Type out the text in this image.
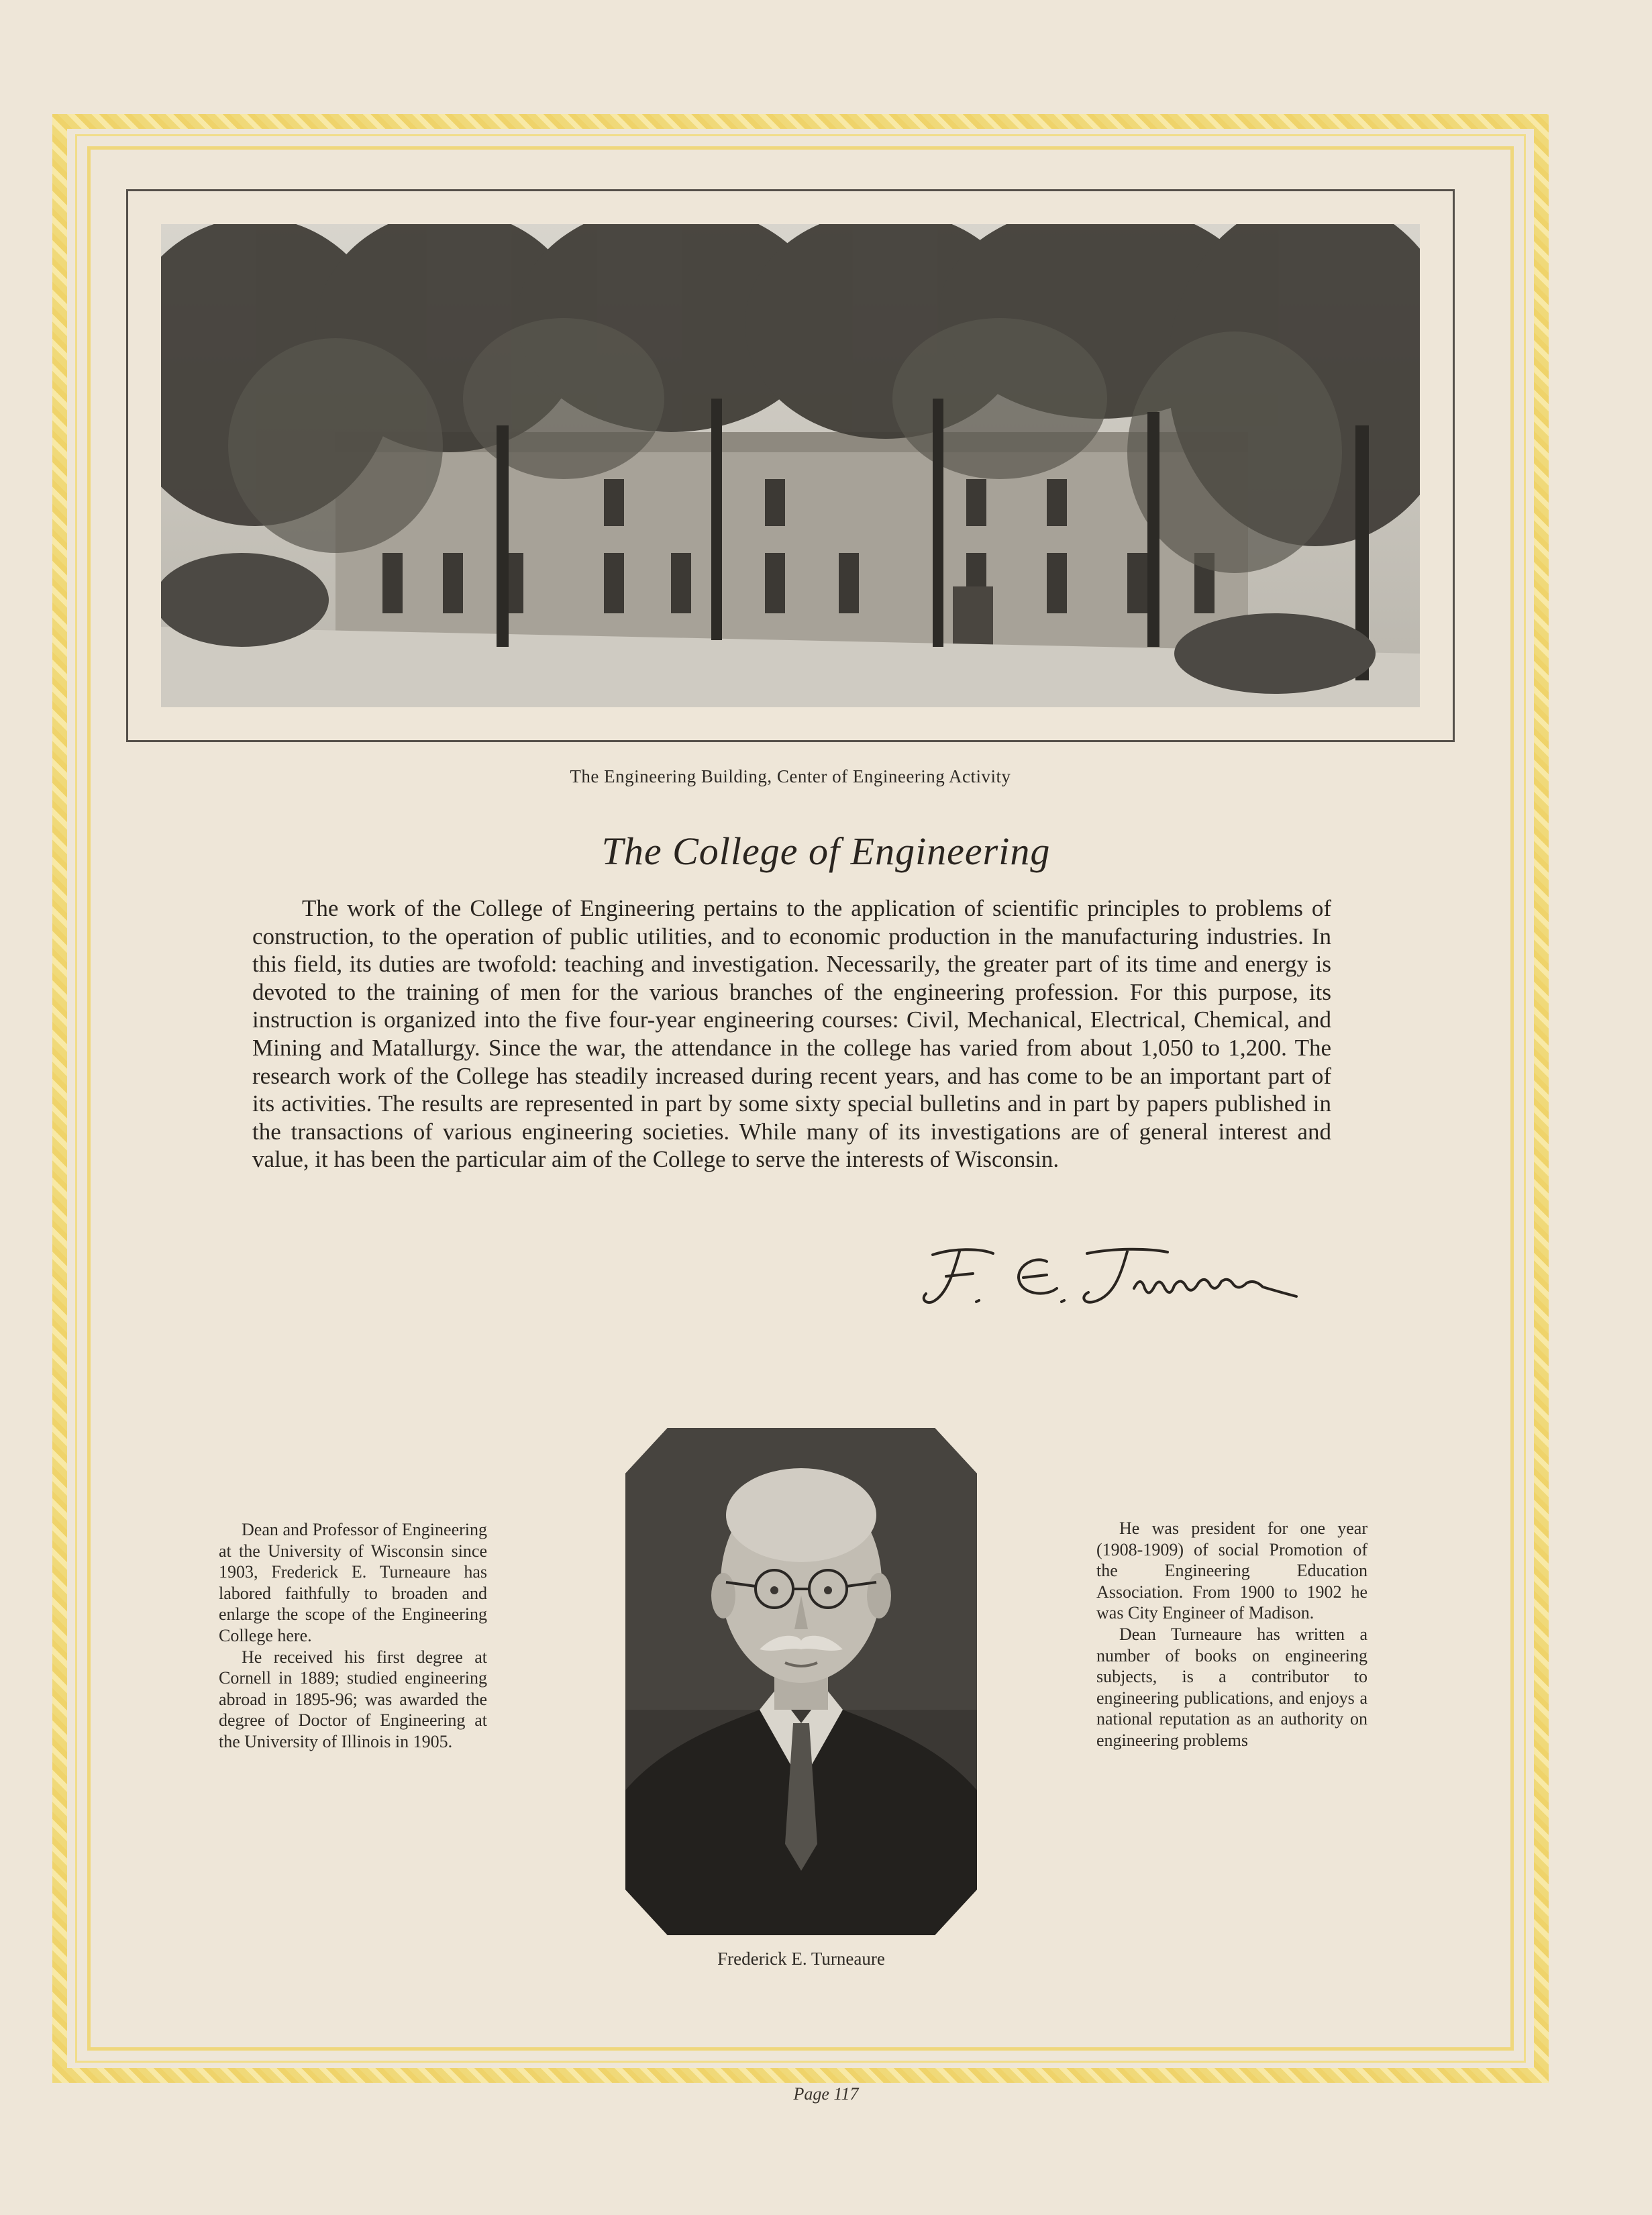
The Engineering Building, Center of Engineering Activity
The College of Engineering
The work of the College of Engineering pertains to the application of scientific principles to problems of construction, to the operation of public utilities, and to economic production in the manufacturing industries. In this field, its duties are twofold: teaching and investigation. Necessarily, the greater part of its time and energy is devoted to the training of men for the various branches of the engineering profession. For this purpose, its instruction is organized into the five four-year engineering courses: Civil, Mechanical, Electrical, Chemical, and Mining and Matallurgy. Since the war, the attendance in the college has varied from about 1,050 to 1,200. The research work of the College has steadily increased during recent years, and has come to be an important part of its activities. The results are represented in part by some sixty special bulletins and in part by papers published in the transactions of various engineering societies. While many of its investigations are of general interest and value, it has been the particular aim of the College to serve the interests of Wisconsin.

Dean and Professor of Engineering at the University of Wisconsin since 1903, Frederick E. Turneaure has labored faithfully to broaden and enlarge the scope of the Engineering College here.

He received his first degree at Cornell in 1889; studied engineering abroad in 1895-96; was awarded the degree of Doctor of Engineering at the University of Illinois in 1905.

Frederick E. Turneaure

He was president for one year (1908-1909) of social Promotion of the Engineering Education Association. From 1900 to 1902 he was City Engineer of Madison.

Dean Turneaure has written a number of books on engineering subjects, is a contributor to engineering publications, and enjoys a national reputation as an authority on engineering problems

Page 117
